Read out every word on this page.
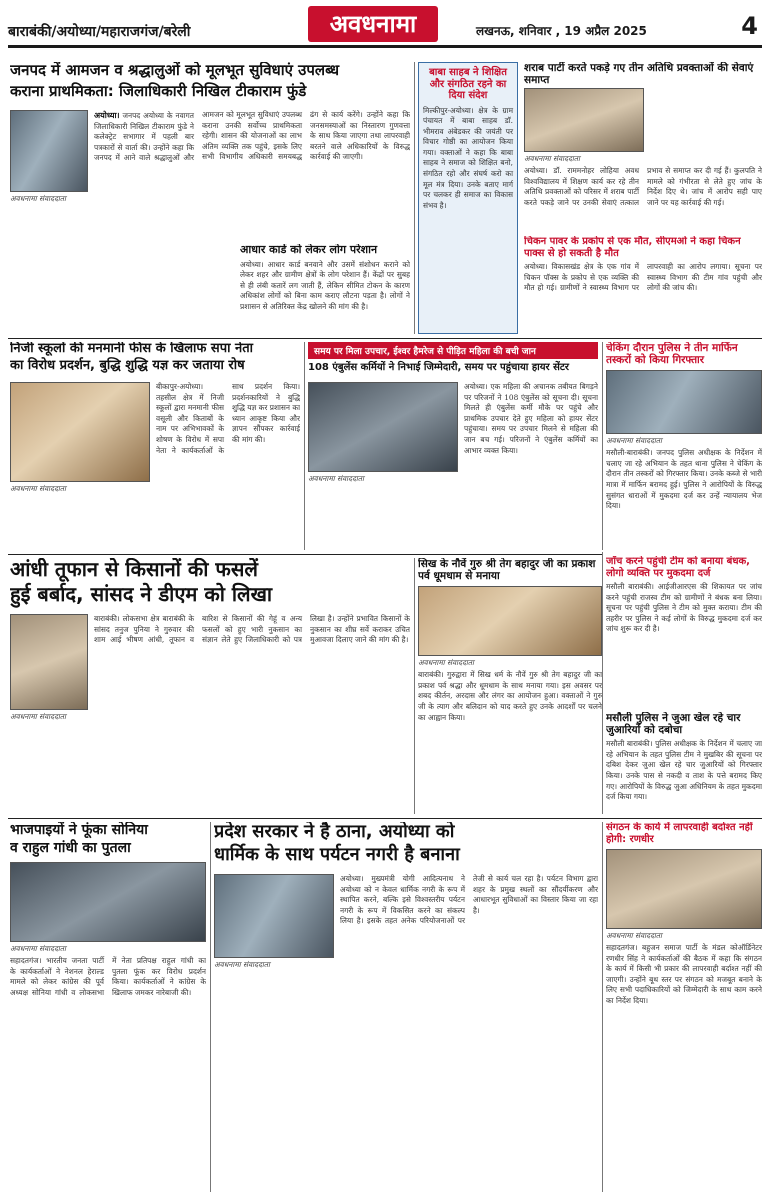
बाराबंकी/अयोध्या/महाराजगंज/बरेली	अवधनामा	लखनऊ, शनिवार , 19 अप्रैल 2025	4
जनपद में आमजन व श्रद्धालुओं को मूलभूत सुविधाएं उपलब्ध
कराना प्राथमिकता: जिलाधिकारी निखिल टीकाराम फुंडे
अवधनामा संवाददाता
अयोध्या। जनपद अयोध्या के नवागत जिलाधिकारी निखिल टीकाराम फुंडे ने कलेक्ट्रेट सभागार में पहली बार पत्रकारों से वार्ता की। उन्होंने कहा कि जनपद में आने वाले श्रद्धालुओं और आमजन को मूलभूत सुविधाएं उपलब्ध कराना उनकी सर्वोच्च प्राथमिकता रहेगी। शासन की योजनाओं का लाभ अंतिम व्यक्ति तक पहुंचे, इसके लिए सभी विभागीय अधिकारी समयबद्ध ढंग से कार्य करेंगे। उन्होंने कहा कि जनसमस्याओं का निस्तारण गुणवत्ता के साथ किया जाएगा तथा लापरवाही बरतने वाले अधिकारियों के विरुद्ध कार्रवाई की जाएगी।
आधार कार्ड को लेकर लोग परेशान
अयोध्या। आधार कार्ड बनवाने और उसमें संशोधन कराने को लेकर शहर और ग्रामीण क्षेत्रों के लोग परेशान हैं। केंद्रों पर सुबह से ही लंबी कतारें लग जाती हैं, लेकिन सीमित टोकन के कारण अधिकांश लोगों को बिना काम कराए लौटना पड़ता है। लोगों ने प्रशासन से अतिरिक्त केंद्र खोलने की मांग की है।
बाबा साहब ने शिक्षित और संगठित रहने का दिया संदेश
मिल्कीपुर-अयोध्या। क्षेत्र के ग्राम पंचायत में बाबा साहब डॉ. भीमराव अंबेडकर की जयंती पर विचार गोष्ठी का आयोजन किया गया। वक्ताओं ने कहा कि बाबा साहब ने समाज को शिक्षित बनो, संगठित रहो और संघर्ष करो का मूल मंत्र दिया। उनके बताए मार्ग पर चलकर ही समाज का विकास संभव है।
शराब पार्टी करते पकड़े गए तीन अतिथि प्रवक्ताओं की सेवाएं समाप्त
अवधनामा संवाददाता
अयोध्या। डॉ. राममनोहर लोहिया अवध विश्वविद्यालय में शिक्षण कार्य कर रहे तीन अतिथि प्रवक्ताओं को परिसर में शराब पार्टी करते पकड़े जाने पर उनकी सेवाएं तत्काल प्रभाव से समाप्त कर दी गई हैं। कुलपति ने मामले को गंभीरता से लेते हुए जांच के निर्देश दिए थे। जांच में आरोप सही पाए जाने पर यह कार्रवाई की गई।
चिकन पावर के प्रकोप से एक मौत, सीएमओ ने कहा चिकन पाक्स से हो सकती है मौत
अयोध्या। विकासखंड क्षेत्र के एक गांव में चिकन पॉक्स के प्रकोप से एक व्यक्ति की मौत हो गई। ग्रामीणों ने स्वास्थ्य विभाग पर लापरवाही का आरोप लगाया। सूचना पर स्वास्थ्य विभाग की टीम गांव पहुंची और लोगों की जांच की।
निजी स्कूलों की मनमानी फीस के खिलाफ सपा नेता
का विरोध प्रदर्शन, बुद्धि शुद्धि यज्ञ कर जताया रोष
अवधनामा संवाददाता
बीकापुर-अयोध्या। तहसील क्षेत्र में निजी स्कूलों द्वारा मनमानी फीस वसूली और किताबों के नाम पर अभिभावकों के शोषण के विरोध में सपा नेता ने कार्यकर्ताओं के साथ प्रदर्शन किया। प्रदर्शनकारियों ने बुद्धि शुद्धि यज्ञ कर प्रशासन का ध्यान आकृष्ट किया और ज्ञापन सौंपकर कार्रवाई की मांग की।
समय पर मिला उपचार, ईश्वर हैमरेज से पीड़ित महिला की बची जान
108 एंबुलेंस कर्मियों ने निभाई जिम्मेदारी, समय पर पहुंचाया हायर सेंटर
अवधनामा संवाददाता
अयोध्या। एक महिला की अचानक तबीयत बिगड़ने पर परिजनों ने 108 एंबुलेंस को सूचना दी। सूचना मिलते ही एंबुलेंस कर्मी मौके पर पहुंचे और प्राथमिक उपचार देते हुए महिला को हायर सेंटर पहुंचाया। समय पर उपचार मिलने से महिला की जान बच गई। परिजनों ने एंबुलेंस कर्मियों का आभार व्यक्त किया।
चेकिंग दौरान पुलिस ने तीन मार्फिन तस्करों को किया गिरफ्तार
अवधनामा संवाददाता
मसौली-बाराबंकी। जनपद पुलिस अधीक्षक के निर्देशन में चलाए जा रहे अभियान के तहत थाना पुलिस ने चेकिंग के दौरान तीन तस्करों को गिरफ्तार किया। उनके कब्जे से भारी मात्रा में मार्फिन बरामद हुई। पुलिस ने आरोपियों के विरुद्ध सुसंगत धाराओं में मुकदमा दर्ज कर उन्हें न्यायालय भेज दिया।
आंधी तूफान से किसानों की फसलें
हुई बर्बाद, सांसद ने डीएम को लिखा
अवधनामा संवाददाता
बाराबंकी। लोकसभा क्षेत्र बाराबंकी के सांसद तनुज पुनिया ने गुरुवार की शाम आई भीषण आंधी, तूफान व बारिश से किसानों की गेहूं व अन्य फसलों को हुए भारी नुकसान का संज्ञान लेते हुए जिलाधिकारी को पत्र लिखा है। उन्होंने प्रभावित किसानों के नुकसान का शीघ्र सर्वे कराकर उचित मुआवजा दिलाए जाने की मांग की है।
सिख के नौवें गुरु श्री तेग बहादुर जी का प्रकाश पर्व धूमधाम से मनाया
अवधनामा संवाददाता
बाराबंकी। गुरुद्वारा में सिख धर्म के नौवें गुरु श्री तेग बहादुर जी का प्रकाश पर्व श्रद्धा और धूमधाम के साथ मनाया गया। इस अवसर पर शबद कीर्तन, अरदास और लंगर का आयोजन हुआ। वक्ताओं ने गुरु जी के त्याग और बलिदान को याद करते हुए उनके आदर्शों पर चलने का आह्वान किया।
जाँच करने पहुंची टीम को बनाया बंधक, लोगो व्यक्ति पर मुकदमा दर्ज
मसौली बाराबंकी। आईजीआरएस की शिकायत पर जांच करने पहुंची राजस्व टीम को ग्रामीणों ने बंधक बना लिया। सूचना पर पहुंची पुलिस ने टीम को मुक्त कराया। टीम की तहरीर पर पुलिस ने कई लोगों के विरुद्ध मुकदमा दर्ज कर जांच शुरू कर दी है।
मसौली पुलिस ने जुआ खेल रहे चार जुआरियों को दबोचा
मसौली बाराबंकी। पुलिस अधीक्षक के निर्देशन में चलाए जा रहे अभियान के तहत पुलिस टीम ने मुखबिर की सूचना पर दबिश देकर जुआ खेल रहे चार जुआरियों को गिरफ्तार किया। उनके पास से नकदी व ताश के पत्ते बरामद किए गए। आरोपियों के विरुद्ध जुआ अधिनियम के तहत मुकदमा दर्ज किया गया।
भाजपाइयों ने फूंका सोनिया
व राहुल गांधी का पुतला
अवधनामा संवाददाता
सहादतगंज। भारतीय जनता पार्टी के कार्यकर्ताओं ने नेशनल हेराल्ड मामले को लेकर कांग्रेस की पूर्व अध्यक्ष सोनिया गांधी व लोकसभा में नेता प्रतिपक्ष राहुल गांधी का पुतला फूंक कर विरोध प्रदर्शन किया। कार्यकर्ताओं ने कांग्रेस के खिलाफ जमकर नारेबाजी की।
प्रदेश सरकार ने है ठाना, अयोध्या को
धार्मिक के साथ पर्यटन नगरी है बनाना
अवधनामा संवाददाता
अयोध्या। मुख्यमंत्री योगी आदित्यनाथ ने अयोध्या को न केवल धार्मिक नगरी के रूप में स्थापित करने, बल्कि इसे विश्वस्तरीय पर्यटन नगरी के रूप में विकसित करने का संकल्प लिया है। इसके तहत अनेक परियोजनाओं पर तेजी से कार्य चल रहा है। पर्यटन विभाग द्वारा शहर के प्रमुख स्थलों का सौंदर्यीकरण और आधारभूत सुविधाओं का विस्तार किया जा रहा है।
संगठन के कार्य में लापरवाही बर्दाश्त नहीं होगी: रणधीर
अवधनामा संवाददाता
सहादतगंज। बहुजन समाज पार्टी के मंडल कोऑर्डिनेटर रणधीर सिंह ने कार्यकर्ताओं की बैठक में कहा कि संगठन के कार्य में किसी भी प्रकार की लापरवाही बर्दाश्त नहीं की जाएगी। उन्होंने बूथ स्तर पर संगठन को मजबूत बनाने के लिए सभी पदाधिकारियों को जिम्मेदारी के साथ काम करने का निर्देश दिया।
